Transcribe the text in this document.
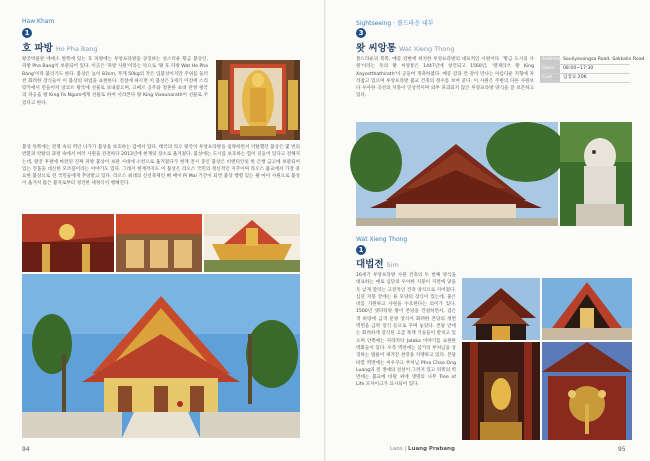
Haw Kham
1
호 파방 Ho Pha Bang
왕궁박물관 에에소 앞쪽에 있는 호 파방에는 루앙프라방을 상징하는 성스러운 황금 불상인, 파방 Pha Bang이 보관되어 있다. 이곳은 '파방 사원'이라는 뜻으로 '왓 호 파방 Wat Ho Pha Bang'이라 불리기도 한다. 불상은 높이 83cm, 무게 50kg의 작은 입불상이지만 주위를 둘러싼 화려한 장식들이 이 불상의 위엄을 표현한다. 전설에 따르면 이 불상은 1세기 이전에 스리랑카에서 만들어져 앙코르 왕국에 선물로 보내졌으며, 크메르 공주와 결혼한 초대 란쌍 왕국의 파응움 왕 King Fa Ngum에게 선물로 하여 서라본다 왕 King Vixounarath이 선물로 주었다고 한다.
불상 뒤쪽에는 전쟁 속의 벽인 나가가 불상을 보호하는 검에서 있다. 태국의 라오 왕국이 루앙프라방을 침략하면서 약탈했던 불상은 몇 번의 반환과 약탈의 과정 속에서 여러 사원을 전전하다 2013년에 현재의 장소로 옮겨졌다. 불상에는 도시를 보호하는 힘이 깃들어 있다고 전해지는데, 왕궁 후편에 마련된 진짜 파방 불상이 보관 시대에 소련으로 옮겨졌다가 현재 전시 중인 불상은 비엔티안의 한 은행 금고에 보관되어 있는 진품을 대신한 모조품이라는 이야기도 있다. 그래서 현재까지도 이 불상은 라오스 국민의 정신적인 지주이며 라오스 불교에서 가장 중요한 불상으로 전 국민들에게 추앙받고 있다. 라오스 최대의 신년축제인 삐 매이 Pi Mai 기간이 되면 불상 행렬 있는 왓 마이 사원으로 불상이 옮겨져 많은 불자로부터 경건한 세정식이 행해진다.
94
Sightseeing · 볼드라운 내부
3
왓 씨앙통 Wat Xieng Thong
볼드라운의 북쪽, 메콩 강변에 위치한 루앙프라방의 대표적인 사원이다. '황금 도시의 사원'이라는 뜻의 왓 씨앙통은 1447년에 창건되고 1560년, '랜제라쓰 왕 King Xaysetthathirath'이 공들여 개축하였다. 메콩 강과 칸 강이 만나는 아름다운 지형에 자리잡고 있으며 루앙프라방 불교 건축의 정수를 보여 준다. 이 사원은 주변의 다른 사원보다 우아한 곡선의 지붕이 인상적이며 외부 파괴되지 않은 루앙프라방 양식을 잘 보존하고 있다.
Address Souliyavongsa Road, Sakkalin Road
Open	08:00~17:30
Cost	입장료 20K
Wat Xieng Thong
1
대법전 Sim
16세기 루앙프라방 사원 건축의 두 번째 양식을 대표하는 예로 심단의 우아한 지붕이 지면에 닿을 듯 낮게 깔리는 고전적인 건축 양식으로 지어졌다. 심단 지붕 끝에는 용 모양의 장식이 있는데, 물은 비를 기원하고 사원을 수호한다는 의미가 있다. 1560년 셋타티랏 왕이 본당을 건설하면서, 검은색 바탕에 금색 문양 장식이 화려한 본당의 정면 벽면을 금박 장식 등으로 꾸며 놓았다. 본당 안에는 화려하게 장식된 고급 목재 기둥들이 받치고 있으며 안쪽에는 자라카타 Jataka 이야기를 표현한 벽화들이 있다. 우측 벽면에는 삼거리 부처님을 상징하는 법륜이 새겨진 천장을 지탱하고 있다. 본당 바깥 벽면에는 씨우쿠크 부처님 Phra Chao Ong Luang의 전 생애의 전설이 그려져 있고 뒤쪽의 벽면에는 불교에 바탕 위에 생명의 나무 Tree of Life 모자이크가 묘사되어 있다.
Laos | Luang Prabang	95
